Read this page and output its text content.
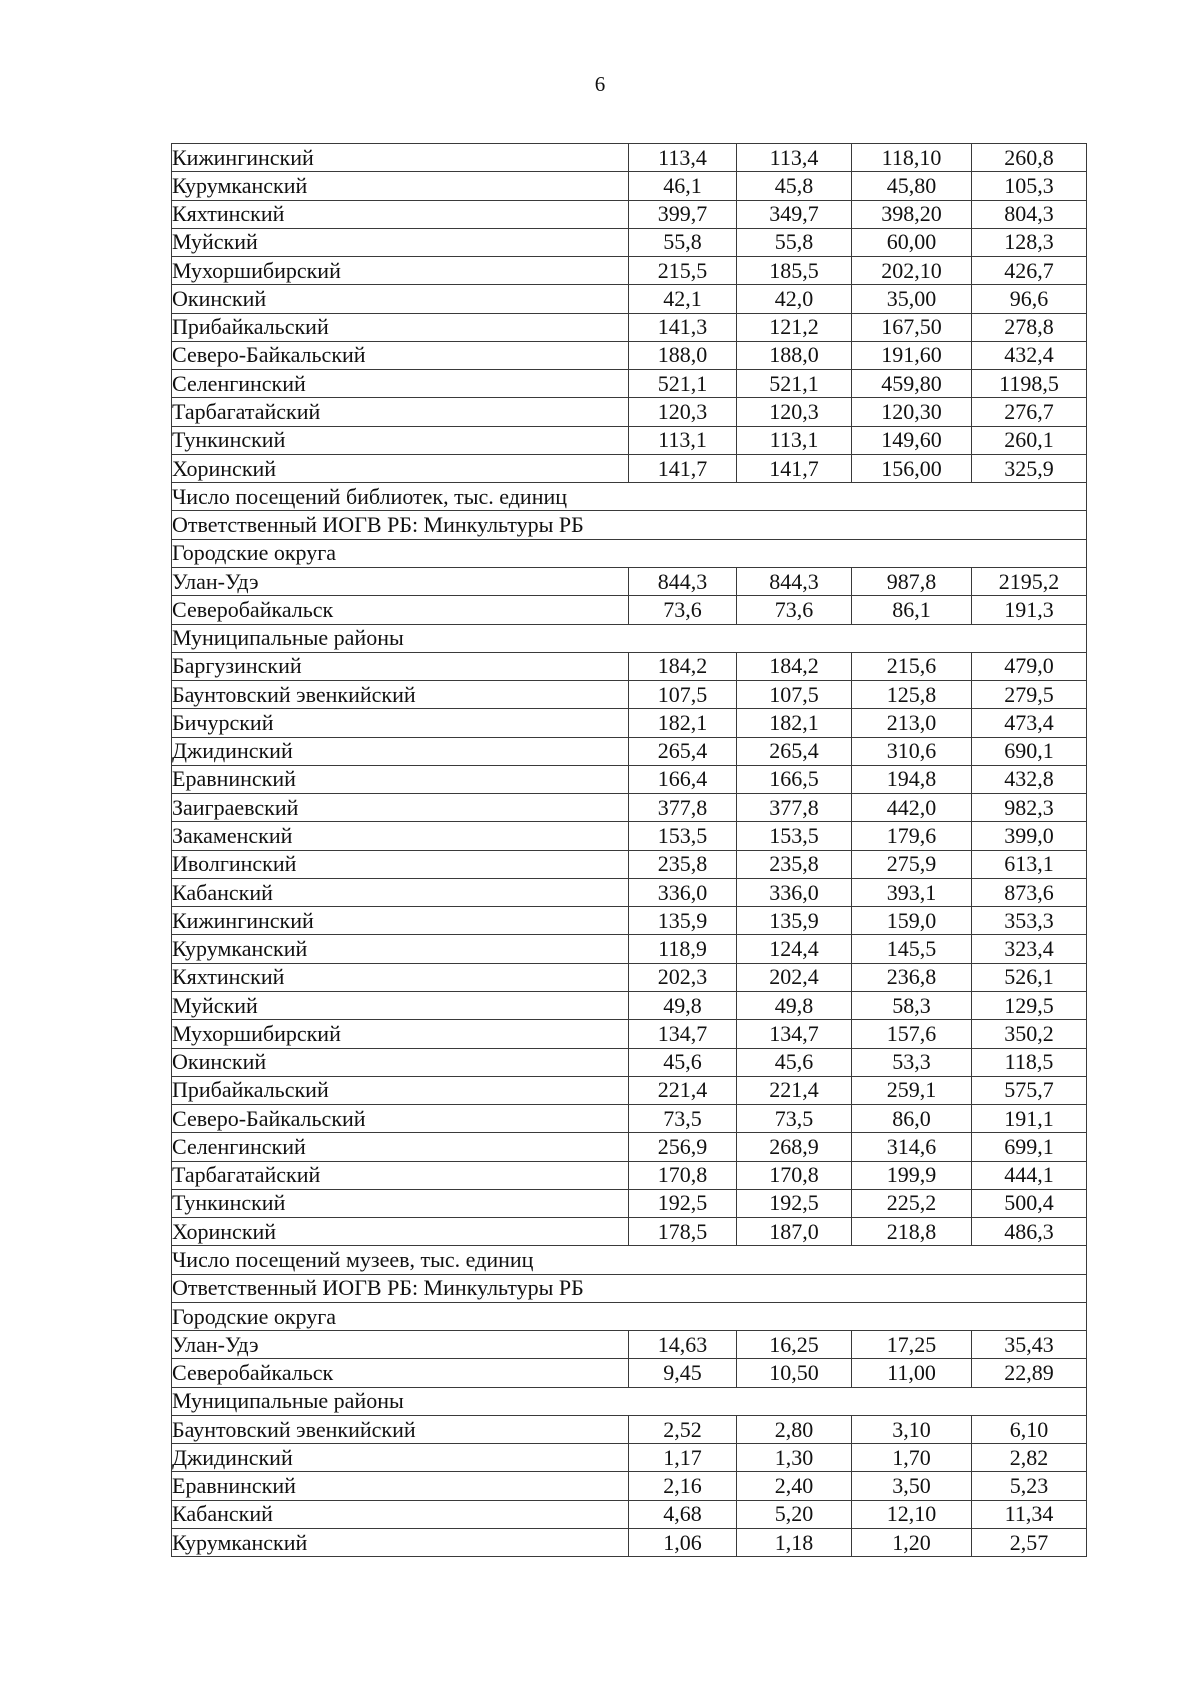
6
Кижингинский	113,4	113,4	118,10	260,8
Курумканский	46,1	45,8	45,80	105,3
Кяхтинский	399,7	349,7	398,20	804,3
Муйский	55,8	55,8	60,00	128,3
Мухоршибирский	215,5	185,5	202,10	426,7
Окинский	42,1	42,0	35,00	96,6
Прибайкальский	141,3	121,2	167,50	278,8
Северо-Байкальский	188,0	188,0	191,60	432,4
Селенгинский	521,1	521,1	459,80	1198,5
Тарбагатайский	120,3	120,3	120,30	276,7
Тункинский	113,1	113,1	149,60	260,1
Хоринский	141,7	141,7	156,00	325,9
Число посещений библиотек, тыс. единиц				
Ответственный ИОГВ РБ: Минкультуры РБ				
Городские округа				
Улан-Удэ	844,3	844,3	987,8	2195,2
Северобайкальск	73,6	73,6	86,1	191,3
Муниципальные районы				
Баргузинский	184,2	184,2	215,6	479,0
Баунтовский эвенкийский	107,5	107,5	125,8	279,5
Бичурский	182,1	182,1	213,0	473,4
Джидинский	265,4	265,4	310,6	690,1
Еравнинский	166,4	166,5	194,8	432,8
Заиграевский	377,8	377,8	442,0	982,3
Закаменский	153,5	153,5	179,6	399,0
Иволгинский	235,8	235,8	275,9	613,1
Кабанский	336,0	336,0	393,1	873,6
Кижингинский	135,9	135,9	159,0	353,3
Курумканский	118,9	124,4	145,5	323,4
Кяхтинский	202,3	202,4	236,8	526,1
Муйский	49,8	49,8	58,3	129,5
Мухоршибирский	134,7	134,7	157,6	350,2
Окинский	45,6	45,6	53,3	118,5
Прибайкальский	221,4	221,4	259,1	575,7
Северо-Байкальский	73,5	73,5	86,0	191,1
Селенгинский	256,9	268,9	314,6	699,1
Тарбагатайский	170,8	170,8	199,9	444,1
Тункинский	192,5	192,5	225,2	500,4
Хоринский	178,5	187,0	218,8	486,3
Число посещений музеев, тыс. единиц				
Ответственный ИОГВ РБ: Минкультуры РБ				
Городские округа				
Улан-Удэ	14,63	16,25	17,25	35,43
Северобайкальск	9,45	10,50	11,00	22,89
Муниципальные районы				
Баунтовский эвенкийский	2,52	2,80	3,10	6,10
Джидинский	1,17	1,30	1,70	2,82
Еравнинский	2,16	2,40	3,50	5,23
Кабанский	4,68	5,20	12,10	11,34
Курумканский	1,06	1,18	1,20	2,57
